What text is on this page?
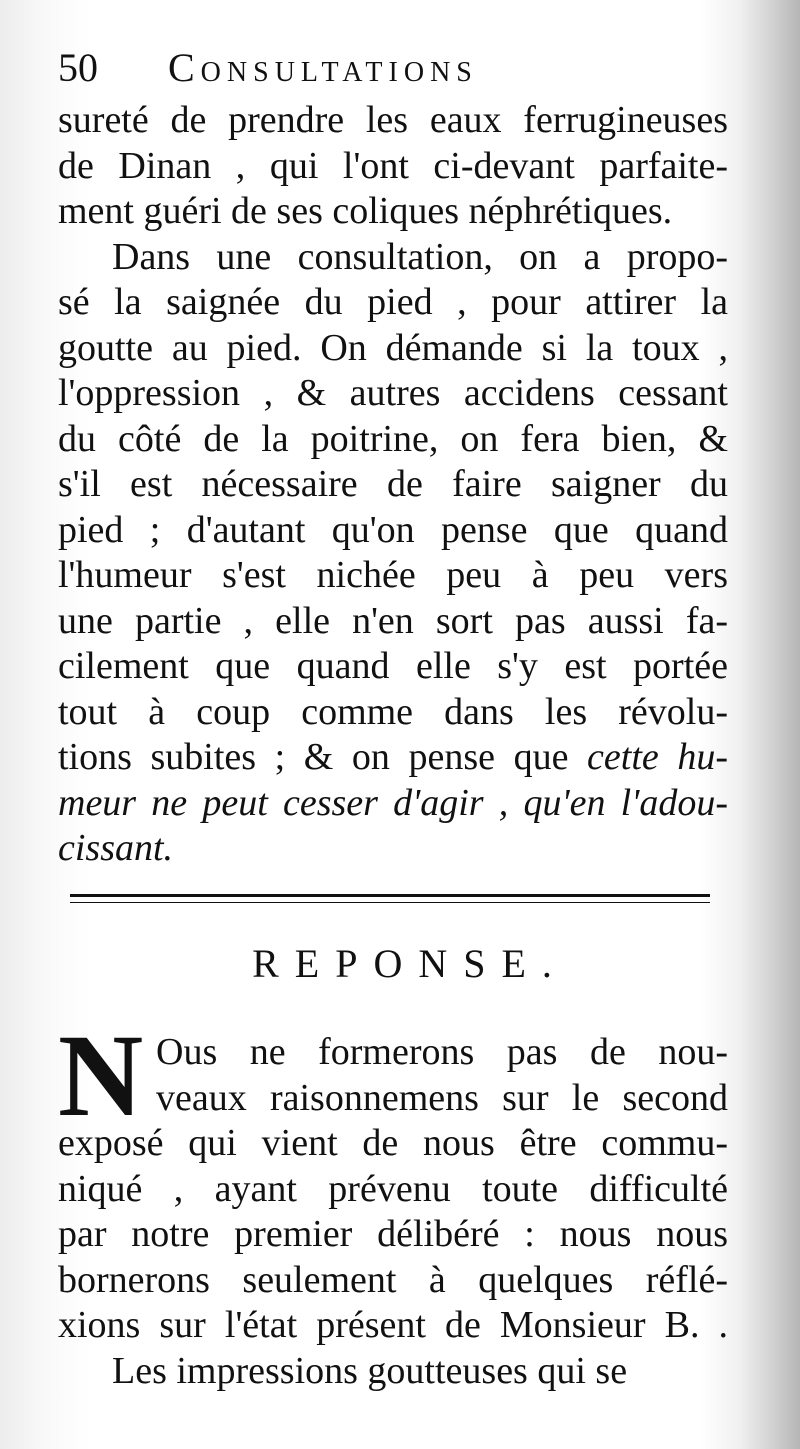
50	Consultations
sureté de prendre les eaux ferrugineuses
de Dinan , qui l'ont ci-devant parfaite-
ment guéri de ses coliques néphrétiques.
Dans une consultation, on a propo-
sé la saignée du pied , pour attirer la
goutte au pied. On démande si la toux ,
l'oppression , & autres accidens cessant
du côté de la poitrine, on fera bien, &
s'il est nécessaire de faire saigner du
pied ; d'autant qu'on pense que quand
l'humeur s'est nichée peu à peu vers
une partie , elle n'en sort pas aussi fa-
cilement que quand elle s'y est portée
tout à coup comme dans les révolu-
tions subites ; & on pense que cette hu-
meur ne peut cesser d'agir , qu'en l'adou-
cissant.
REPONSE.
N Ous ne formerons pas de nou-
veaux raisonnemens sur le second
exposé qui vient de nous être commu-
niqué , ayant prévenu toute difficulté
par notre premier délibéré : nous nous
bornerons seulement à quelques réflé-
xions sur l'état présent de Monsieur B. .
Les impressions goutteuses qui se
